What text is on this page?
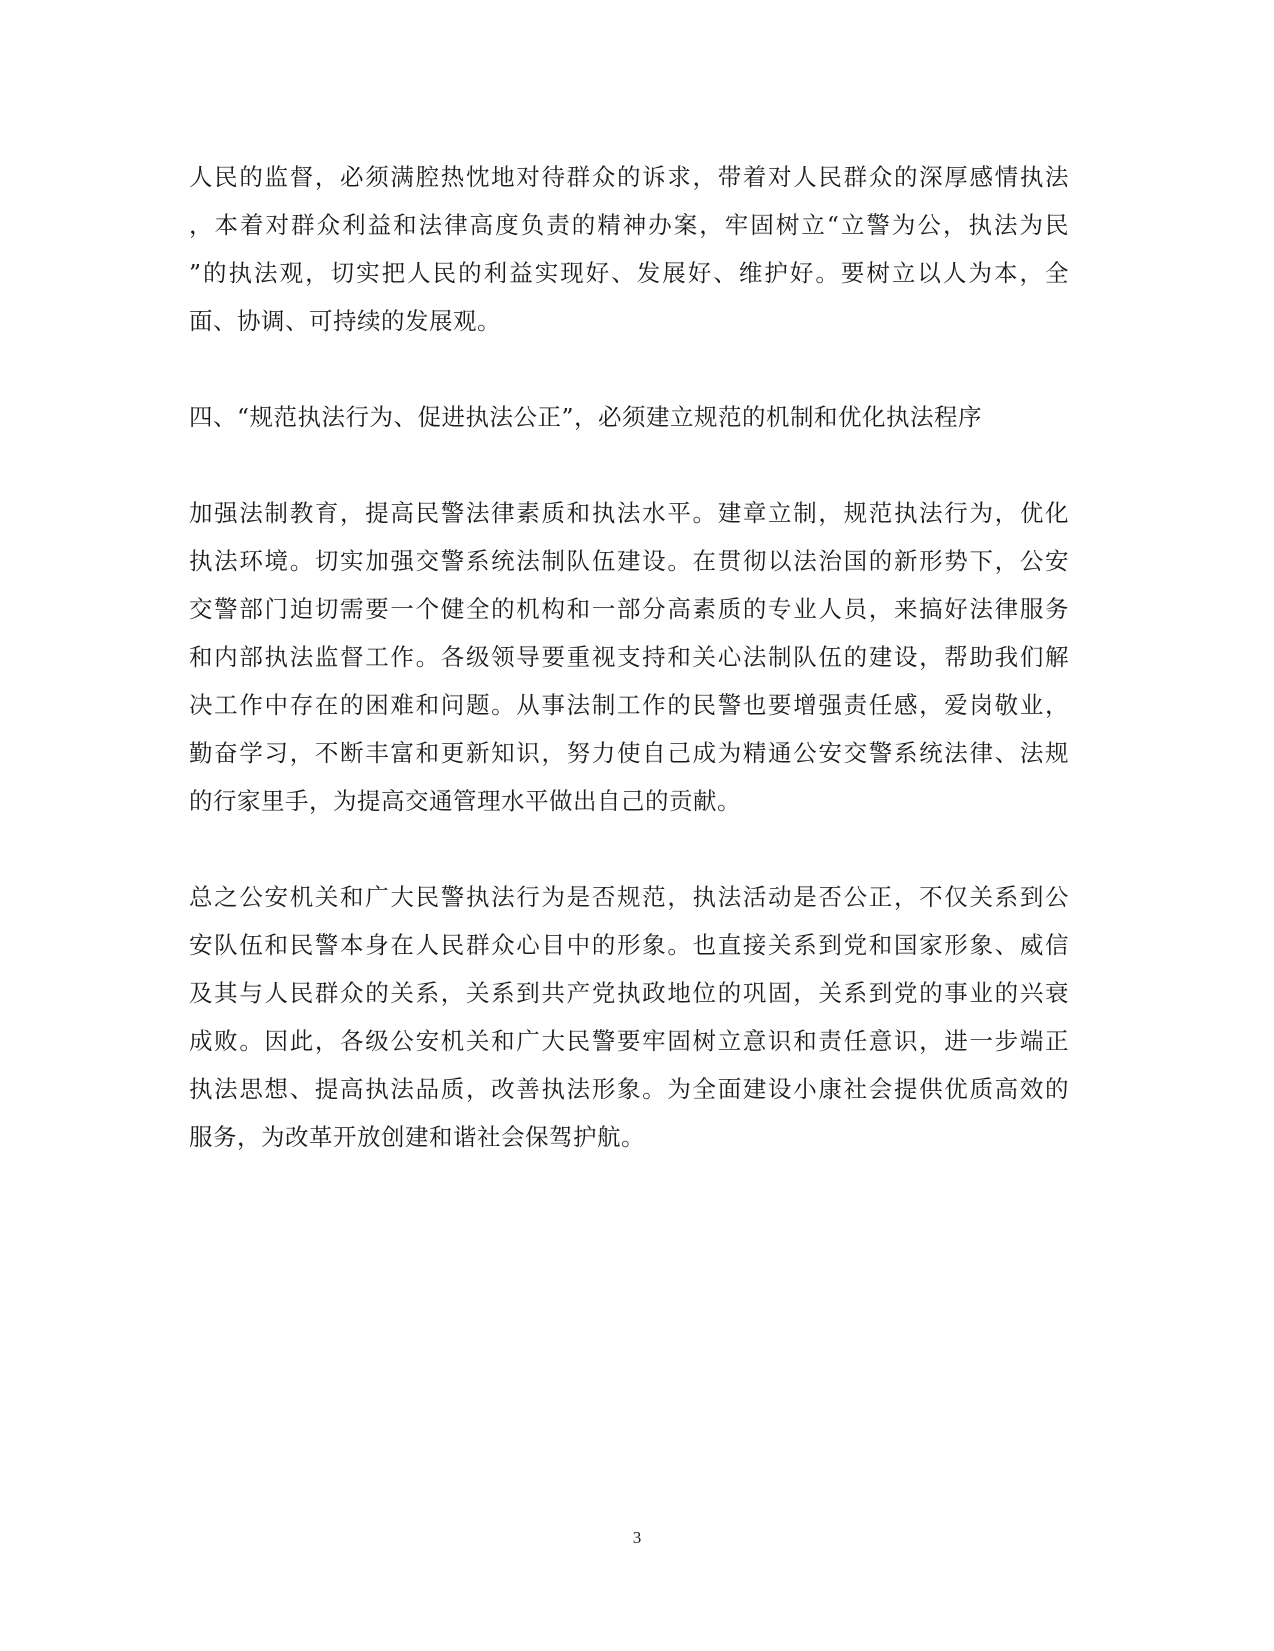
人民的监督，必须满腔热忱地对待群众的诉求，带着对人民群众的深厚感情执法
，本着对群众利益和法律高度负责的精神办案，牢固树立“立警为公，执法为民
”的执法观，切实把人民的利益实现好、发展好、维护好。要树立以人为本，全
面、协调、可持续的发展观。
四、“规范执法行为、促进执法公正”，必须建立规范的机制和优化执法程序
加强法制教育，提高民警法律素质和执法水平。建章立制，规范执法行为，优化
执法环境。切实加强交警系统法制队伍建设。在贯彻以法治国的新形势下，公安
交警部门迫切需要一个健全的机构和一部分高素质的专业人员，来搞好法律服务
和内部执法监督工作。各级领导要重视支持和关心法制队伍的建设，帮助我们解
决工作中存在的困难和问题。从事法制工作的民警也要增强责任感，爱岗敬业，
勤奋学习，不断丰富和更新知识，努力使自己成为精通公安交警系统法律、法规
的行家里手，为提高交通管理水平做出自己的贡献。
总之公安机关和广大民警执法行为是否规范，执法活动是否公正，不仅关系到公
安队伍和民警本身在人民群众心目中的形象。也直接关系到党和国家形象、威信
及其与人民群众的关系，关系到共产党执政地位的巩固，关系到党的事业的兴衰
成败。因此，各级公安机关和广大民警要牢固树立意识和责任意识，进一步端正
执法思想、提高执法品质，改善执法形象。为全面建设小康社会提供优质高效的
服务，为改革开放创建和谐社会保驾护航。
3
